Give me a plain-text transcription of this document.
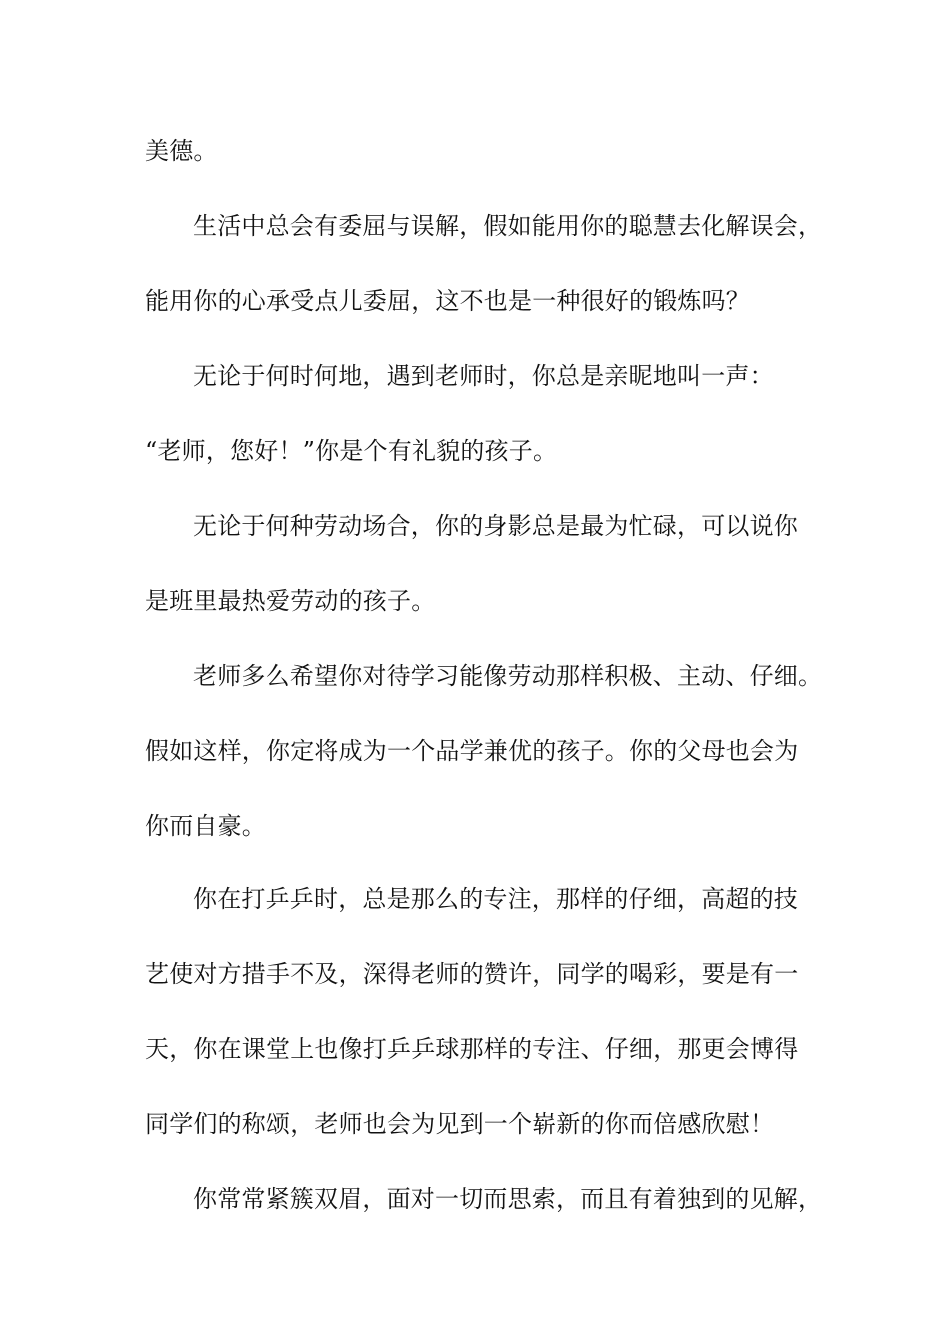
美德。

生活中总会有委屈与误解，假如能用你的聪慧去化解误会，

能用你的心承受点儿委屈，这不也是一种很好的锻炼吗？

无论于何时何地，遇到老师时，你总是亲昵地叫一声：

“老师，您好！”你是个有礼貌的孩子。

无论于何种劳动场合，你的身影总是最为忙碌，可以说你

是班里最热爱劳动的孩子。

老师多么希望你对待学习能像劳动那样积极、主动、仔细。

假如这样，你定将成为一个品学兼优的孩子。你的父母也会为

你而自豪。

你在打乒乒时，总是那么的专注，那样的仔细，高超的技

艺使对方措手不及，深得老师的赞许，同学的喝彩，要是有一

天，你在课堂上也像打乒乒球那样的专注、仔细，那更会博得

同学们的称颂，老师也会为见到一个崭新的你而倍感欣慰！

你常常紧簇双眉，面对一切而思索，而且有着独到的见解，
